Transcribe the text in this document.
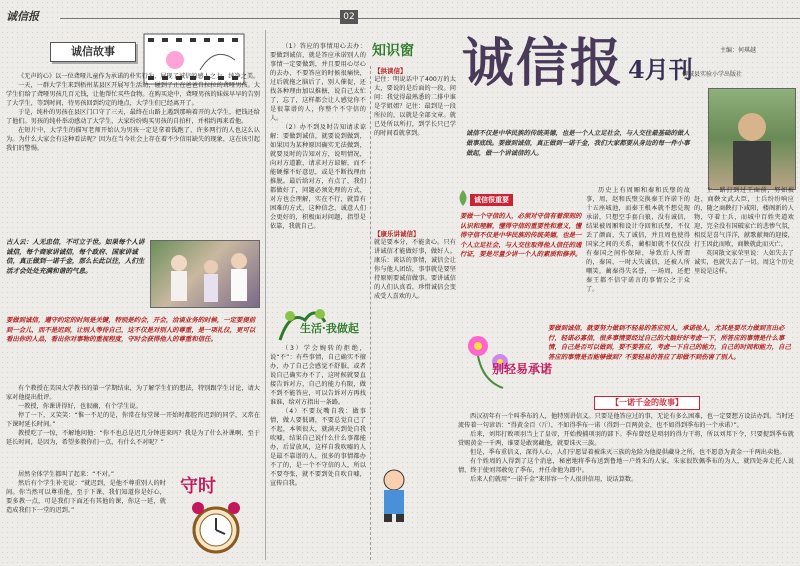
诚信报	02
诚信故事

《无声的心》以一位聋哑儿童作为承诺的朴实行为，展现了诚信的感人之力，纯净之美。

一天，一群大学生来到梧州某县区开展写生活动，碰到了正在爸爸自拉拉的聋哑男孩。大学生们给了聋哑男孩几百元钱，让他帮忙买些食物。在购买途中，聋哑男孩的妹妹早早的告别了大学生，等到时间，待男孩回到约定的地点，大学生们已经离开了。

于是，纯朴的男孩在县区门口守了三天，最终在山路上遇到那响着开的大学生，把钱还给了他们。男孩的纯朴举动感动了大学生，大家纷纷购买男孩的自拍杆，并相约再来看他。

在短片中，大学生的描写老师开始认为男孩一定是拿着钱跑了，许多网行的人也这么认为。为什么大家会有这种看法呢？因为在当今社会上存在着不少信用缺失的现象，这在该引起我们的警惕。

古人云：人无忠信，不可立于世。如果每个人讲诚信，每个商家讲诚信，每个政府、国家讲诚信，真正做到一诺千金，那么长此以往，人们生活才会处处充满和谐的气息。
要做到诚信，遵守约定的时间是关键，特别是约会，开会，洽谈业务的时候，一定要提前到一会儿，而不是迟到，让别人等待自己，这不仅是对别人的尊重，是一项礼仪，更可以看出你的人品，看出你对事物的重视程度，守时会获得他人的尊重和信任。

有个教授在美国大学教书的第一学期结束，为了解学生们的想法，特别跟学生讨论，请大家对他提出批评。

一教授，你课讲得好，也很幽，有个学生说。

停了一下，又笑笑：“惟一不足的是，你常在每堂课一开始时都腔咨迟到的同学，又常在下课时延长时间。”

教授吃了一惊，不解地问他：“你不也总是迟几分钟进来吗？我是为了什么补课啊，至于延长时间，是因为，希望多教你们一点，有什么不对呢？”

居然全体学生都叫了起来：“不对。”

然后有个学生补充说：“就迟到，是他不尊重别人的时间。你当然可以尊重他，至于下课，我们知道你是好心，要多教一点，可是我们下面还有其他的课，你这一延，就造成我们下一堂的迟到。”

守时

（1）答应的事情用心去办：要做到诚信，就是答应承诺别人的事情一定要做到，并且要用心尽心的去办，不要答应的时候很痛快，过后就拖之脑后了，别人催促，还找各种理由加以推搪，说自己太忙了，忘了，这样都会让人感觉你不是很靠谱的人，你整个不守信的人。

（2）办不到及时告知请求谅解：要做到诚信，就要说到做到，如果因为某种原因确实无法做到，就要及时的告知对方，说明情况，向对方道歉，请求对方谅解，而不能硬撑不好意思，或是不断找理由推脱。最后给对方，有点了，我们都做好了，问题必须处理的方式，对方也会理解，实在不行，就算有困难的方式，这种信念，诚意人们会更好的，积极面对问题，指望是依靠，我就自己。

生活·我做起

（3）学会婉转的拒绝，说“不”：有些事情，自己确实不擅办，办了自己会感觉不舒服，或者说自己确实办不了，这时候就要直接告诉对方，自己的能力有限，做不到不能答应，可以告诉对方再找谁谁，给对方指出一条路。

（4）不要玩嘴自我：做事情，做人要低调，不要总觉自己了不起，本领很大，就满天到处自我吹嘘，结果自己说什么什么事都能办，后冒放风，这样自我吹嘘的人是最不靠谱的人，很多的事情都办不了的，是一个不守信的人，所以不要夸张，就不要到处自吹自嘘，宣传自我。

知识窗
【拱读信】
记住：明说话中了400万的太太，要说的是后面的一段。问问：我觉得最熟悉的二排中谁是学姐姐？记住：最到是一段所拉的，以就是全部文章。就已处所以所打，到学长只已学的时间看就拿到。
【康乐讲诚信】
就是要本分，不能贪心。只有讲诚信才能做好事，做好人。康乐：谈话的事情，诚信会让你与他人团结，事事就是要坚持原则要诚信做事。要讲诚信的人们认真看，珍惜诚信会变成受人喜欢的人。
诚信报 4月刊
主编：何琪越
柳城县实验小学出版社
诚信不仅是中华民族的传统美德，也是一个人立足社会，与人交往最基础的做人做事底线。要做到诚信，真正做到一诺千金，我们大家都要从身边的每一件小事做起，做一个讲诚信的人。
诚信很重要
要做一个守信的人，必须对守信有着深刻的认识和理解，懂得守信的重要性和意义，懂得守信不仅是中华民族的传统美德，也是一个人立足社会，与人交往取得他人信任的通行证，要是尽量少讲一个人的素质和修养。

历史上有周厢和秦和氏璧的故事，周，赵和氏璧交换秦王许诺下的十五座城池，而秦王根本就不想兑现承诺，只想空手套白狼，没有诚信，结果被周厢和设计夺回和氏璧，不仅丢了颜面，失了诚信，并且周也使得国家之间的关系，蔺相如就不仅仅没有秦国之间作保障，导致后人所谓的，秦国，一时大失诚信，还被人所嘲笑，蔺秦得失名誉，一场周，还把秦王都不信守诺言的事情公之于众了。

士一路打到过王面前，努如被赶，商鞅文武大臣，士兵纷纷响应的，随之商鞅打下咸阳，楼阁新的人物，守着士兵，而城中百姓夹道欢迎，完全没有国破家亡的悲惨气氛，相反是喜气洋洋，献歌献舞的迎接，打王因此而败，商鞅就此而灭亡。

英国散文家荣里说：人如失去了诚实，也就失去了一切。周这个历史里说是这样。

别轻易承诺
要做到诚信，就要努力做到不轻易的答应别人，承诺他人，尤其是要尽力做到言出必行，轻诺必寡信，很多事情要经过自己的大脑好好考虑一下，所答应的事情是什么事情，自己是否可以做到，要不要答应，考虑一下自己的能力，自己的时间和能力，自己答应的事情是否能够做到？不要轻易的答应了却做不到伤害了别人。
【一诺千金的故事】

西汉初年有一个叫季布的人，他特别讲信义。只要是他答应过的事，无论有多么困难，也一定要想方设法办到。当时还流传着一句谚语：“得黄金百（斤），不如得季布一诺（得到一百两黄金，也不如得到季布的一个承诺）”。

后来，刘邦打败项羽当上了皇帝，开始搜捕项羽的部下。季布曾经是项羽的得力干将，所以刘邦下令，只要捉到季布就赏赐黄金一千两，谁要是敢窝藏他，就要诛灭三族。

但是，季布重信义，深得人心，人们宁愿冒着被诛灭三族的危险为他提供藏身之所，也不愿意为黄金一千两出卖他。

有个姓周的人得到了这个消息，秘密地将季布送到鲁地一户姓朱的人家。朱家很钦佩季布的为人，就四处奔走托人说情，终于使刘邦赦免了季布，并任命他为郎中。

后来人们就用“一诺千金”来形容一个人很讲信用，说话算数。
